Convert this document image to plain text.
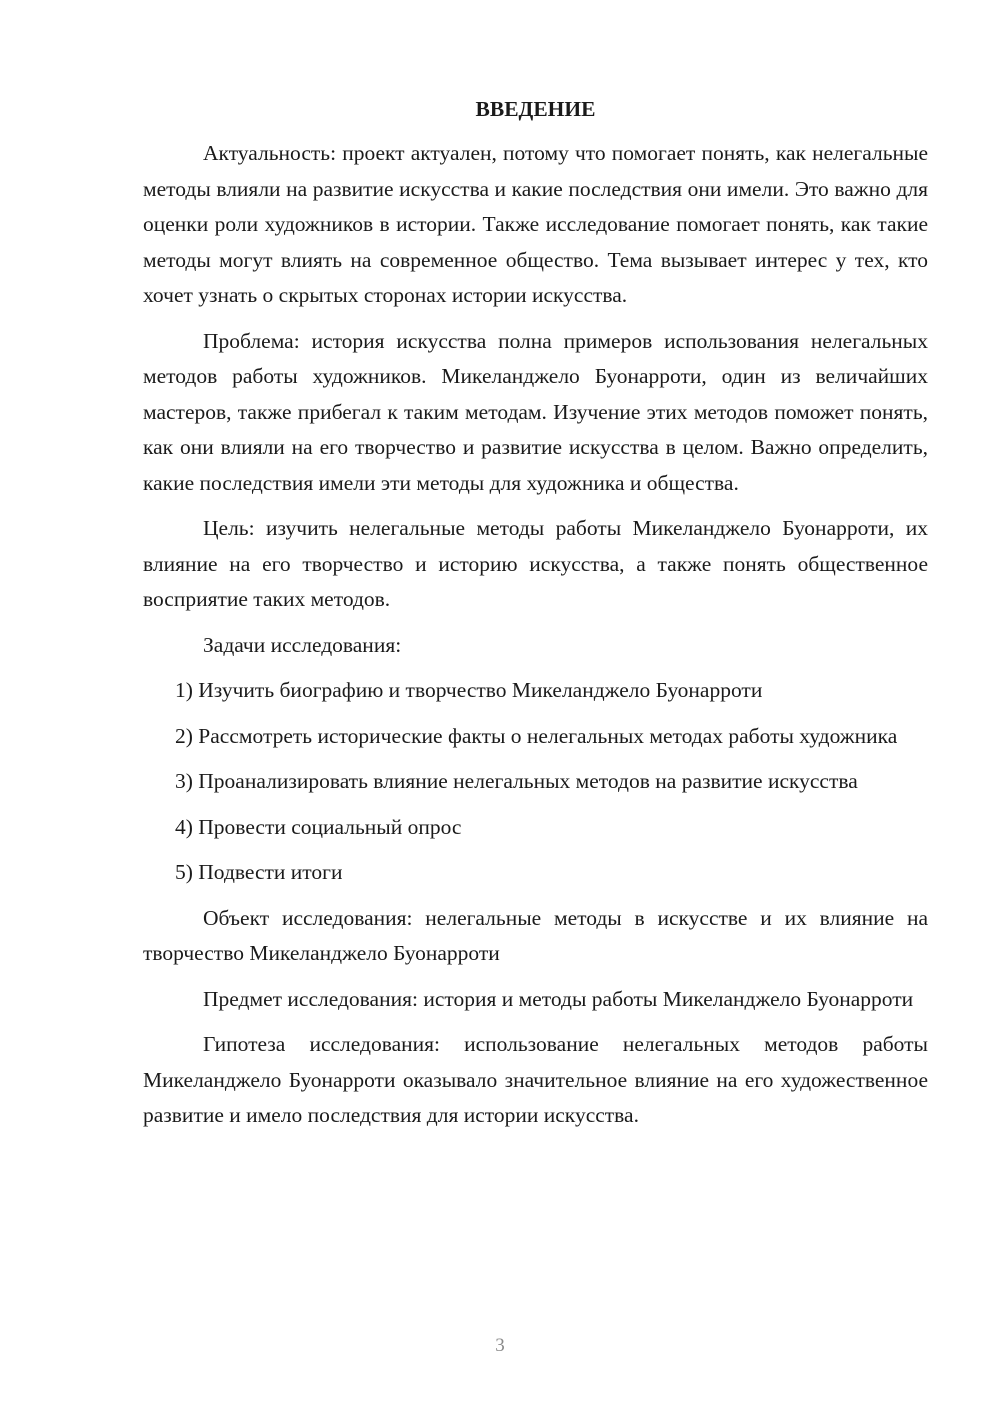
ВВЕДЕНИЕ

Актуальность: проект актуален, потому что помогает понять, как нелегальные методы влияли на развитие искусства и какие последствия они имели. Это важно для оценки роли художников в истории. Также исследование помогает понять, как такие методы могут влиять на современное общество. Тема вызывает интерес у тех, кто хочет узнать о скрытых сторонах истории искусства.

Проблема: история искусства полна примеров использования нелегальных методов работы художников. Микеланджело Буонарроти, один из величайших мастеров, также прибегал к таким методам. Изучение этих методов поможет понять, как они влияли на его творчество и развитие искусства в целом. Важно определить, какие последствия имели эти методы для художника и общества.

Цель: изучить нелегальные методы работы Микеланджело Буонарроти, их влияние на его творчество и историю искусства, а также понять общественное восприятие таких методов.

Задачи исследования:

1) Изучить биографию и творчество Микеланджело Буонарроти

2) Рассмотреть исторические факты о нелегальных методах работы художника

3) Проанализировать влияние нелегальных методов на развитие искусства

4) Провести социальный опрос

5) Подвести итоги

Объект исследования: нелегальные методы в искусстве и их влияние на творчество Микеланджело Буонарроти

Предмет исследования: история и методы работы Микеланджело Буонарроти

Гипотеза исследования: использование нелегальных методов работы Микеланджело Буонарроти оказывало значительное влияние на его художественное развитие и имело последствия для истории искусства.

3
